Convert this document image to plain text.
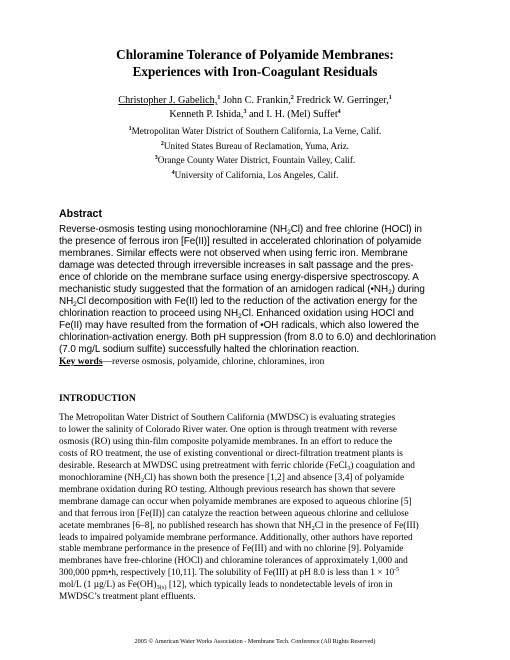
Chloramine Tolerance of Polyamide Membranes:
Experiences with Iron-Coagulant Residuals
Christopher J. Gabelich,$^1$ John C. Frankin,$^2$ Fredrick W. Gerringer,$^1$
Kenneth P. Ishida,$^3$ and I. H. (Mel) Suffet$^4$
$^1$Metropolitan Water District of Southern California, La Verne, Calif.
$^2$United States Bureau of Reclamation, Yuma, Ariz.
$^3$Orange County Water District, Fountain Valley, Calif.
$^4$University of California, Los Angeles, Calif.
Abstract
Reverse-osmosis testing using monochloramine $(NH_2Cl)$ and free chlorine (HOCl) in
the presence of ferrous iron [Fe(II)] resulted in accelerated chlorination of polyamide
membranes. Similar effects were not observed when using ferric iron. Membrane
damage was detected through irreversible increases in salt passage and the pres-
ence of chloride on the membrane surface using energy-dispersive spectroscopy. A
mechanistic study suggested that the formation of an amidogen radical $(•NH_2)$ during
$NH_2Cl$ decomposition with Fe(II) led to the reduction of the activation energy for the
chlorination reaction to proceed using $NH_2Cl$. Enhanced oxidation using HOCl and
Fe(II) may have resulted from the formation of •OH radicals, which also lowered the
chlorination-activation energy. Both pH suppression (from 8.0 to 6.0) and dechlorination
(7.0 mg/L sodium sulfite) successfully halted the chlorination reaction.
Key words—reverse osmosis, polyamide, chlorine, chloramines, iron
INTRODUCTION
The Metropolitan Water District of Southern California (MWDSC) is evaluating strategies
to lower the salinity of Colorado River water. One option is through treatment with reverse
osmosis (RO) using thin-film composite polyamide membranes. In an effort to reduce the
costs of RO treatment, the use of existing conventional or direct-filtration treatment plants is
desirable. Research at MWDSC using pretreatment with ferric chloride (FeCl$_3$) coagulation and
monochloramine $(NH_2Cl)$ has shown both the presence [1,2] and absence [3,4] of polyamide
membrane oxidation during RO testing. Although previous research has shown that severe
membrane damage can occur when polyamide membranes are exposed to aqueous chlorine [5]
and that ferrous iron [Fe(II)] can catalyze the reaction between aqueous chlorine and cellulose
acetate membranes [6–8], no published research has shown that $NH_2Cl$ in the presence of Fe(III)
leads to impaired polyamide membrane performance. Additionally, other authors have reported
stable membrane performance in the presence of Fe(III) and with no chlorine [9]. Polyamide
membranes have free-chlorine (HOCl) and chloramine tolerances of approximately 1,000 and
300,000 ppm•h, respectively [10,11]. The solubility of Fe(III) at pH 8.0 is less than $1 \times 10^{-5}$
mol/L (1 µg/L) as $Fe(OH)_{3(s)}$ [12], which typically leads to nondetectable levels of iron in
MWDSC’s treatment plant effluents.
2005 © American Water Works Association - Membrane Tech. Conference (All Rights Reserved)
